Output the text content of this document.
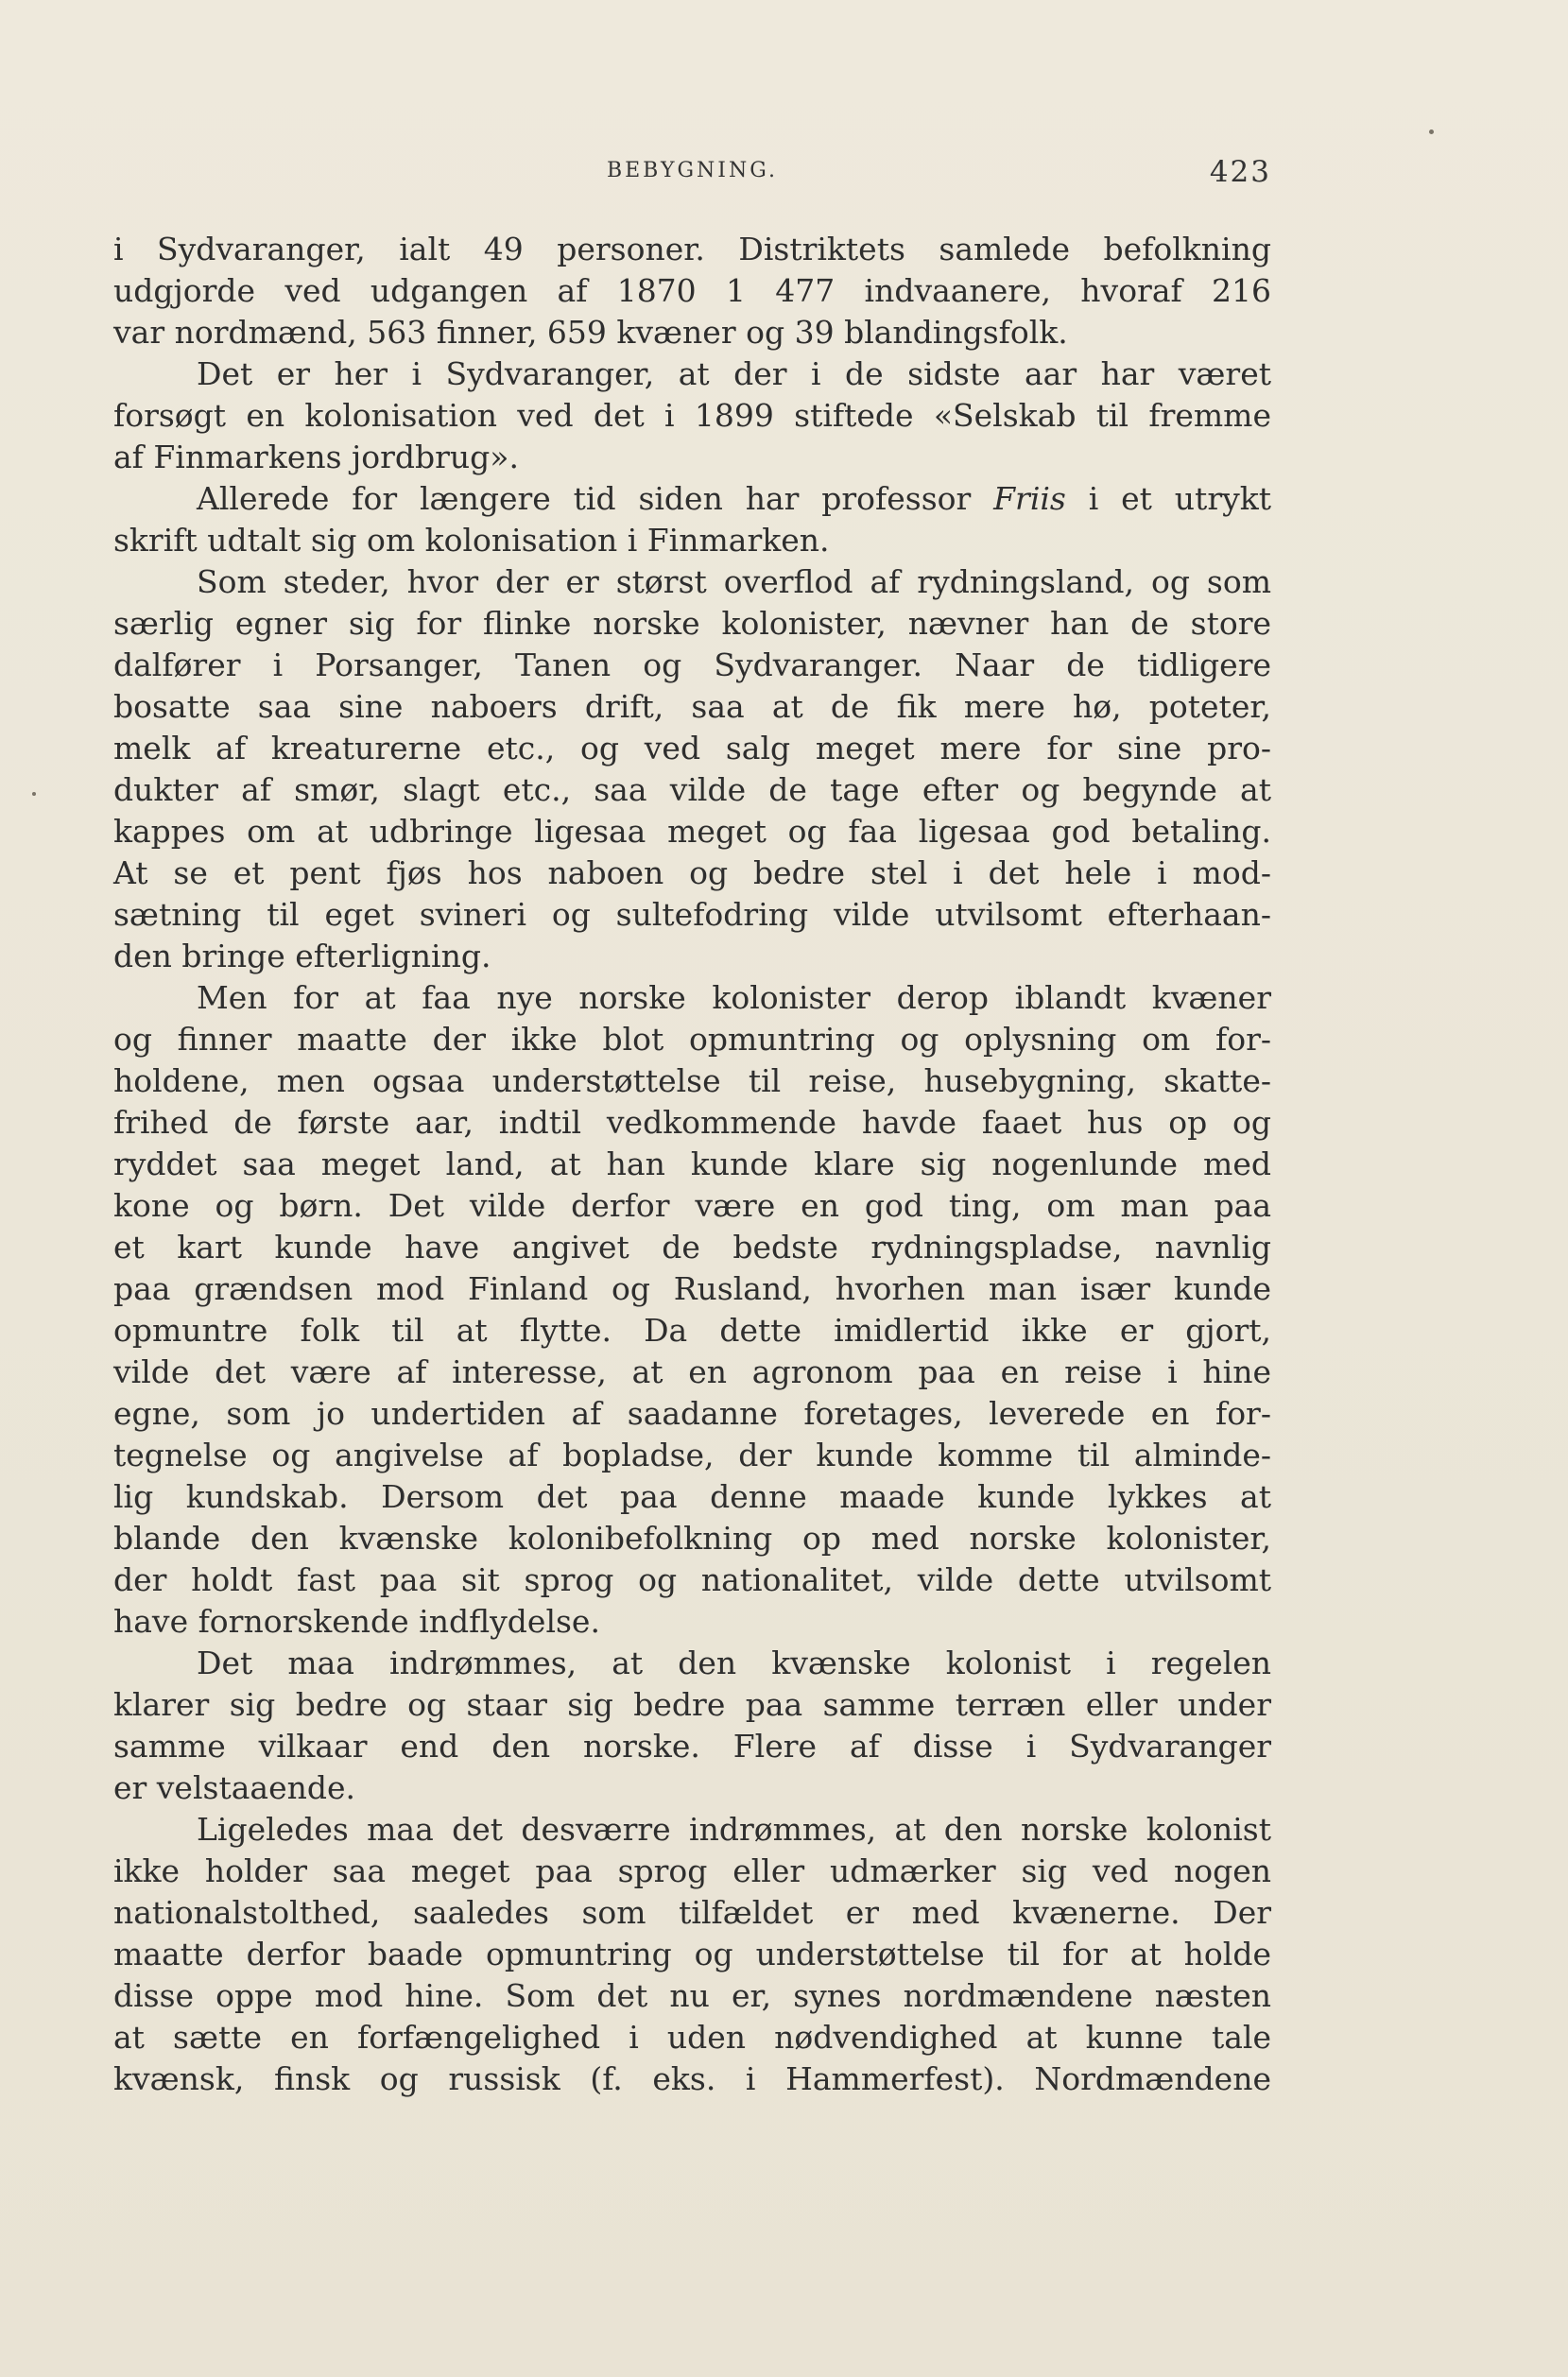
BEBYGNING.	423
i Sydvaranger, ialt 49 personer. Distriktets samlede befolkning
udgjorde ved udgangen af 1870 1 477 indvaanere, hvoraf 216
var nordmænd, 563 finner, 659 kvæner og 39 blandingsfolk.
Det er her i Sydvaranger, at der i de sidste aar har været
forsøgt en kolonisation ved det i 1899 stiftede «Selskab til fremme
af Finmarkens jordbrug».
Allerede for længere tid siden har professor Friis i et utrykt
skrift udtalt sig om kolonisation i Finmarken.
Som steder, hvor der er størst overflod af rydningsland, og som
særlig egner sig for flinke norske kolonister, nævner han de store
dalfører i Porsanger, Tanen og Sydvaranger. Naar de tidligere
bosatte saa sine naboers drift, saa at de fik mere hø, poteter,
melk af kreaturerne etc., og ved salg meget mere for sine pro-
dukter af smør, slagt etc., saa vilde de tage efter og begynde at
kappes om at udbringe ligesaa meget og faa ligesaa god betaling.
At se et pent fjøs hos naboen og bedre stel i det hele i mod-
sætning til eget svineri og sultefodring vilde utvilsomt efterhaan-
den bringe efterligning.
Men for at faa nye norske kolonister derop iblandt kvæner
og finner maatte der ikke blot opmuntring og oplysning om for-
holdene, men ogsaa understøttelse til reise, husebygning, skatte-
frihed de første aar, indtil vedkommende havde faaet hus op og
ryddet saa meget land, at han kunde klare sig nogenlunde med
kone og børn. Det vilde derfor være en god ting, om man paa
et kart kunde have angivet de bedste rydningspladse, navnlig
paa grændsen mod Finland og Rusland, hvorhen man især kunde
opmuntre folk til at flytte. Da dette imidlertid ikke er gjort,
vilde det være af interesse, at en agronom paa en reise i hine
egne, som jo undertiden af saadanne foretages, leverede en for-
tegnelse og angivelse af bopladse, der kunde komme til alminde-
lig kundskab. Dersom det paa denne maade kunde lykkes at
blande den kvænske kolonibefolkning op med norske kolonister,
der holdt fast paa sit sprog og nationalitet, vilde dette utvilsomt
have fornorskende indflydelse.
Det maa indrømmes, at den kvænske kolonist i regelen
klarer sig bedre og staar sig bedre paa samme terræn eller under
samme vilkaar end den norske. Flere af disse i Sydvaranger
er velstaaende.
Ligeledes maa det desværre indrømmes, at den norske kolonist
ikke holder saa meget paa sprog eller udmærker sig ved nogen
nationalstolthed, saaledes som tilfældet er med kvænerne. Der
maatte derfor baade opmuntring og understøttelse til for at holde
disse oppe mod hine. Som det nu er, synes nordmændene næsten
at sætte en forfængelighed i uden nødvendighed at kunne tale
kvænsk, finsk og russisk (f. eks. i Hammerfest). Nordmændene
